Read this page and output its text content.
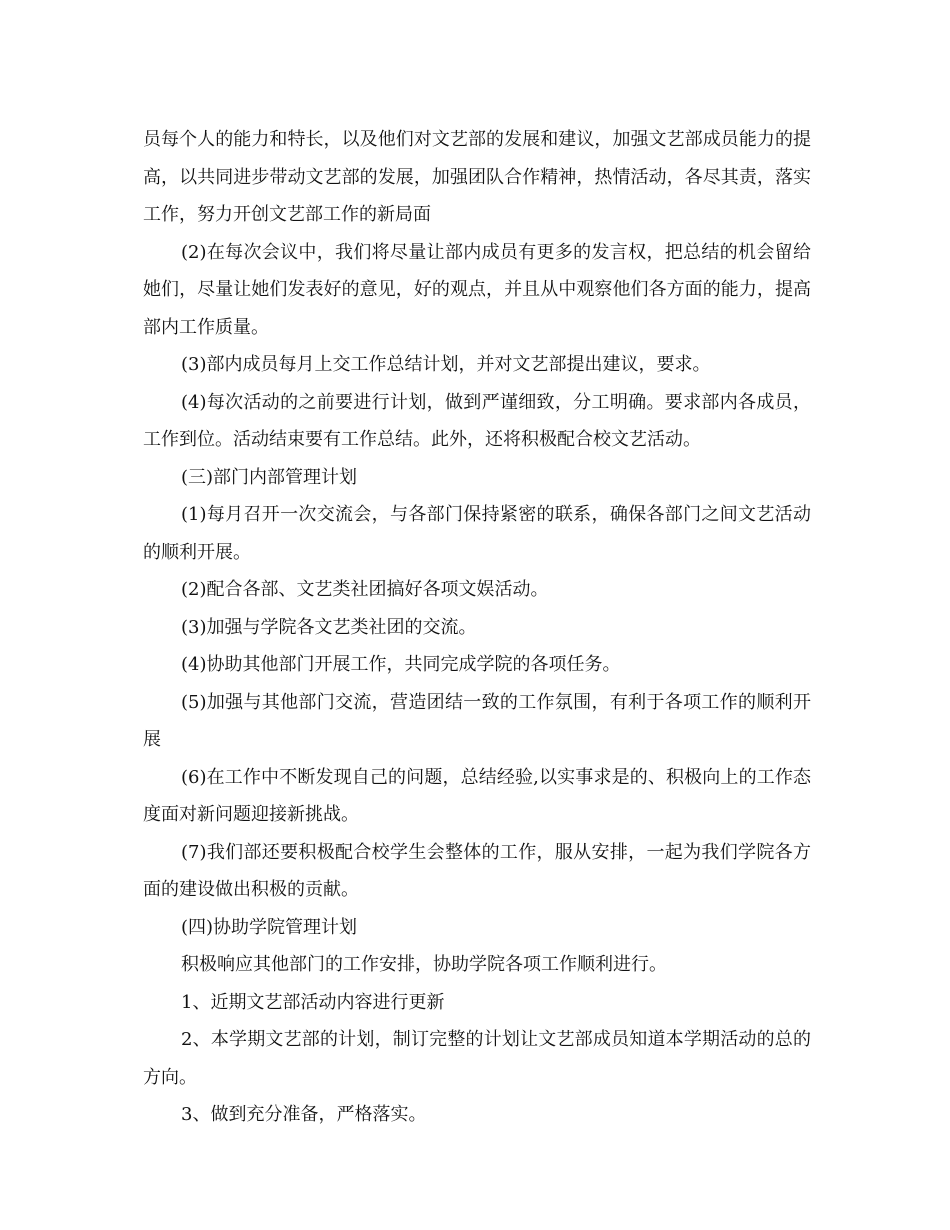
员每个人的能力和特长，以及他们对文艺部的发展和建议，加强文艺部成员能力的提高，以共同进步带动文艺部的发展，加强团队合作精神，热情活动，各尽其责，落实工作，努力开创文艺部工作的新局面

(2)在每次会议中，我们将尽量让部内成员有更多的发言权，把总结的机会留给她们，尽量让她们发表好的意见，好的观点，并且从中观察他们各方面的能力，提高部内工作质量。

(3)部内成员每月上交工作总结计划，并对文艺部提出建议，要求。

(4)每次活动的之前要进行计划，做到严谨细致，分工明确。要求部内各成员，工作到位。活动结束要有工作总结。此外，还将积极配合校文艺活动。

(三)部门内部管理计划

(1)每月召开一次交流会，与各部门保持紧密的联系，确保各部门之间文艺活动的顺利开展。

(2)配合各部、文艺类社团搞好各项文娱活动。

(3)加强与学院各文艺类社团的交流。

(4)协助其他部门开展工作，共同完成学院的各项任务。

(5)加强与其他部门交流，营造团结一致的工作氛围，有利于各项工作的顺利开展

(6)在工作中不断发现自己的问题，总结经验,以实事求是的、积极向上的工作态度面对新问题迎接新挑战。

(7)我们部还要积极配合校学生会整体的工作，服从安排，一起为我们学院各方面的建设做出积极的贡献。

(四)协助学院管理计划

积极响应其他部门的工作安排，协助学院各项工作顺利进行。

1、近期文艺部活动内容进行更新

2、本学期文艺部的计划，制订完整的计划让文艺部成员知道本学期活动的总的方向。

3、做到充分准备，严格落实。
